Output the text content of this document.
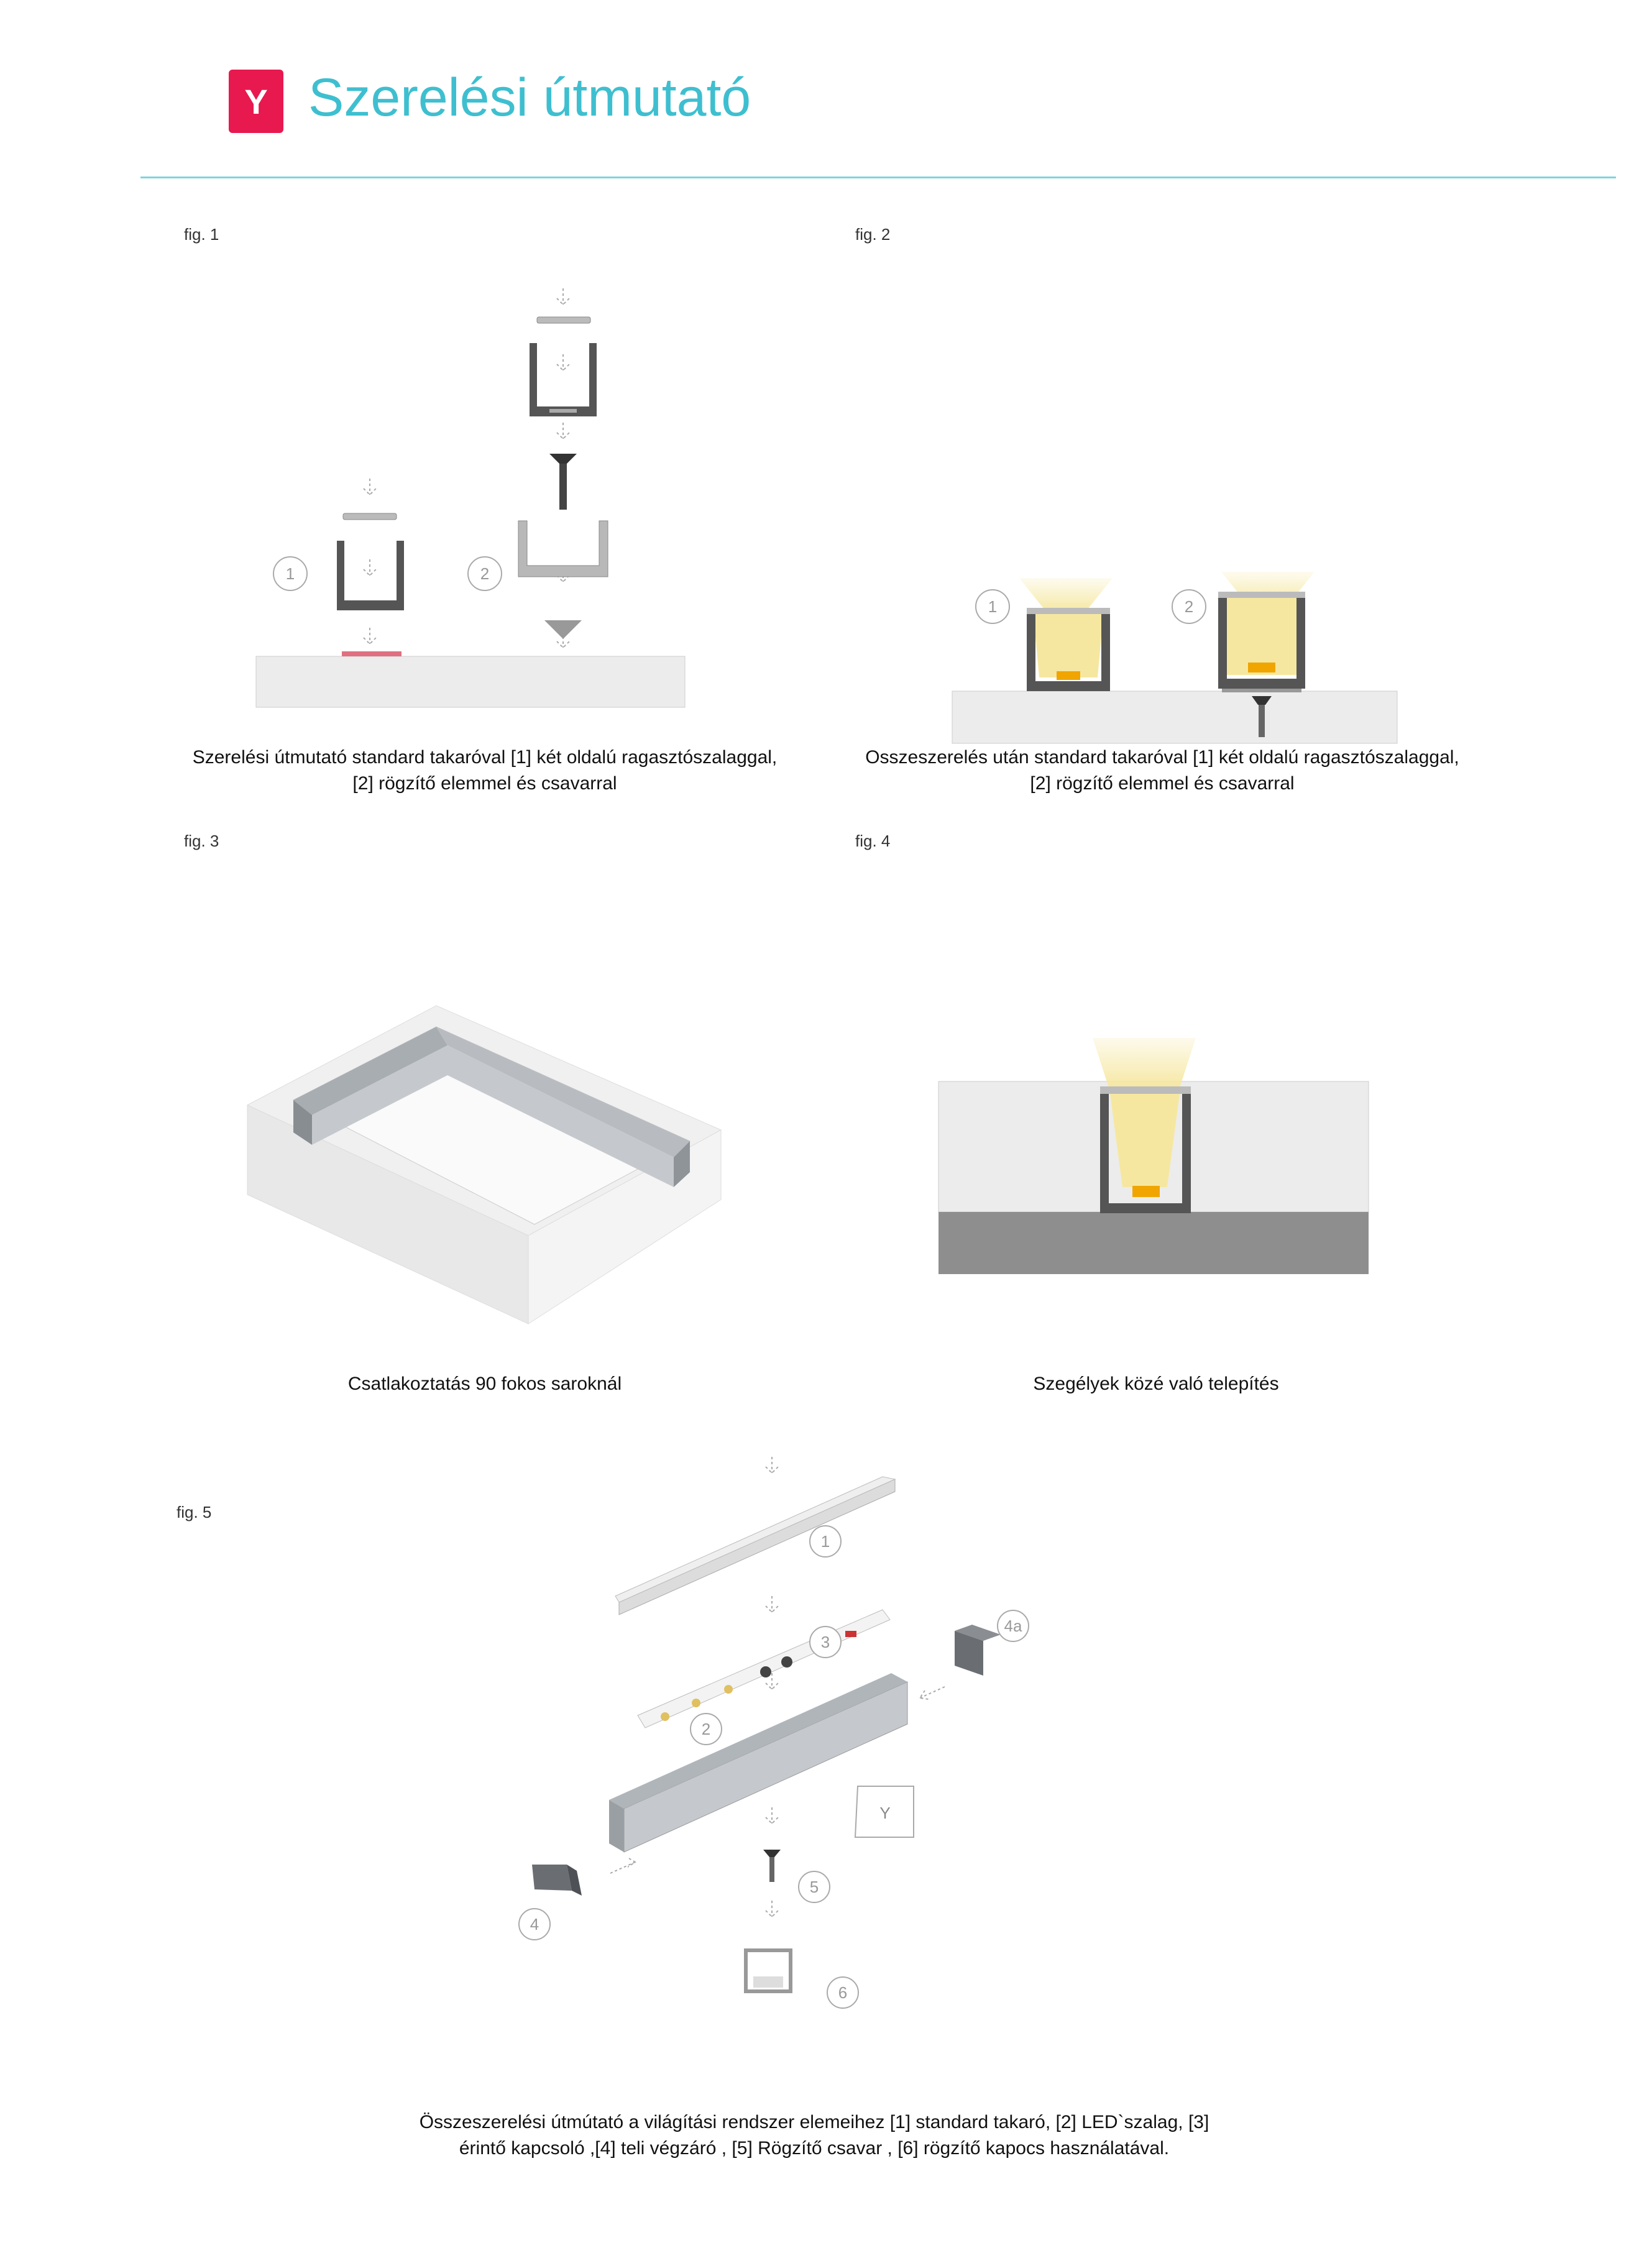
Y Szerelési útmutató
fig. 1	fig. 2
fig. 3	fig. 4
fig. 5
1	2
Szerelési útmutató standard takaróval [1] két oldalú ragasztószalaggal,
[2] rögzítő elemmel és csavarral
1	2
Osszeszerelés után standard takaróval [1] két oldalú ragasztószalaggal,
[2] rögzítő elemmel és csavarral
Csatlakoztatás 90 fokos saroknál	Szegélyek közé való telepítés
Y
1
2
3
4a
4
5
6
Összeszerelési útmútató a világítási rendszer elemeihez [1] standard takaró, [2] LED`szalag, [3]
érintő kapcsoló ,[4] teli végzáró , [5] Rögzítő csavar , [6] rögzítő kapocs használatával.
